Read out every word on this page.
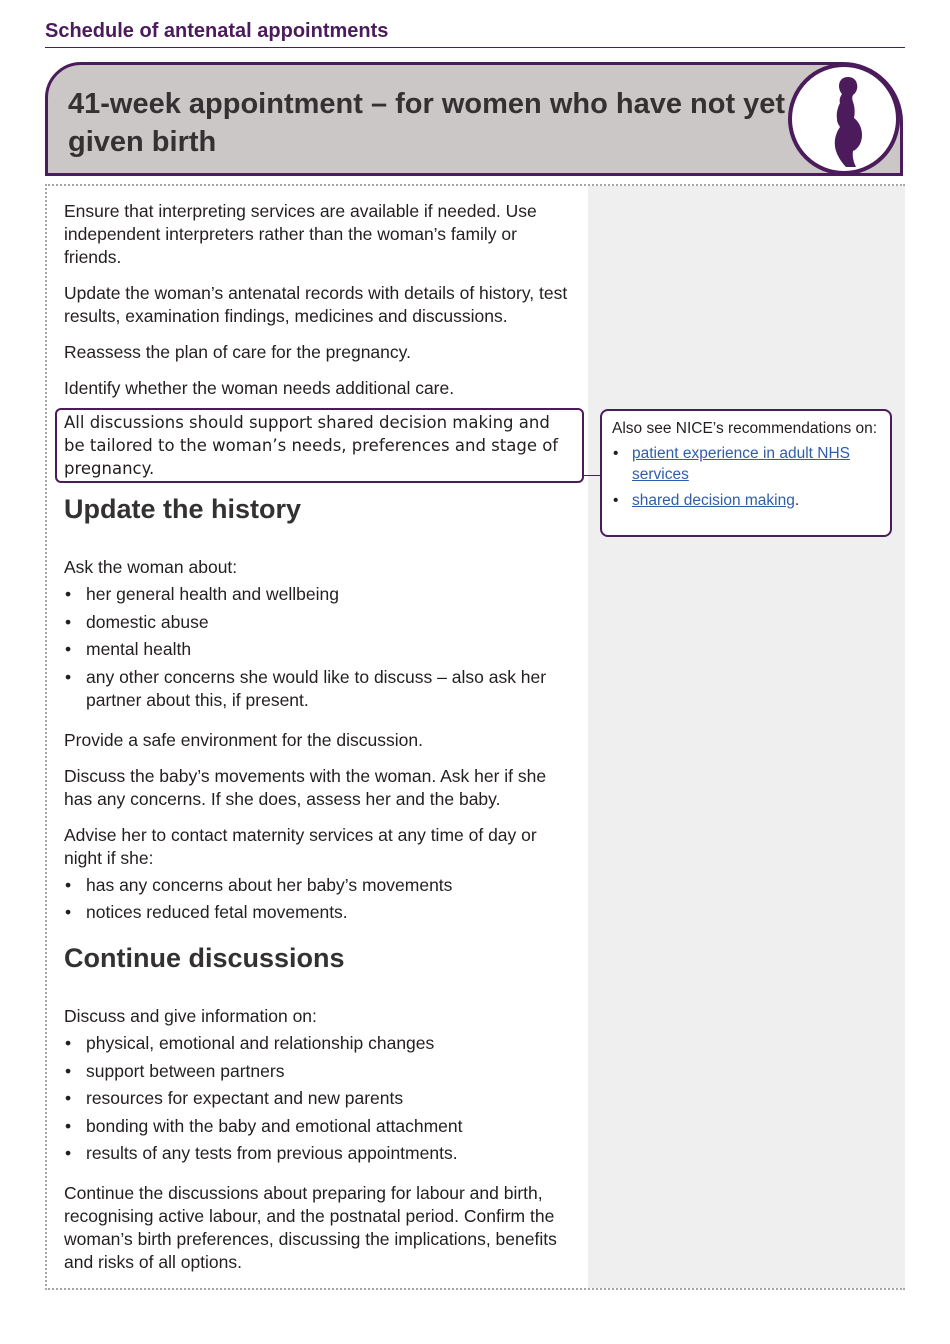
Schedule of antenatal appointments
41-week appointment – for women who have not yet given birth

Ensure that interpreting services are available if needed. Use independent interpreters rather than the woman’s family or friends.

Update the woman’s antenatal records with details of history, test results, examination findings, medicines and discussions.

Reassess the plan of care for the pregnancy.

Identify whether the woman needs additional care.

All discussions should support shared decision making and be tailored to the woman’s needs, preferences and stage of pregnancy.
Update the history

Ask the woman about:

• her general health and wellbeing
• domestic abuse
• mental health
• any other concerns she would like to discuss – also ask her partner about this, if present.

Provide a safe environment for the discussion.

Discuss the baby’s movements with the woman. Ask her if she has any concerns. If she does, assess her and the baby.

Advise her to contact maternity services at any time of day or night if she:

• has any concerns about her baby’s movements
• notices reduced fetal movements.
Continue discussions

Discuss and give information on:

• physical, emotional and relationship changes
• support between partners
• resources for expectant and new parents
• bonding with the baby and emotional attachment
• results of any tests from previous appointments.

Continue the discussions about preparing for labour and birth, recognising active labour, and the postnatal period. Confirm the woman’s birth preferences, discussing the implications, benefits and risks of all options.

Also see NICE’s recommendations on:

• patient experience in adult NHS services
• shared decision making.
